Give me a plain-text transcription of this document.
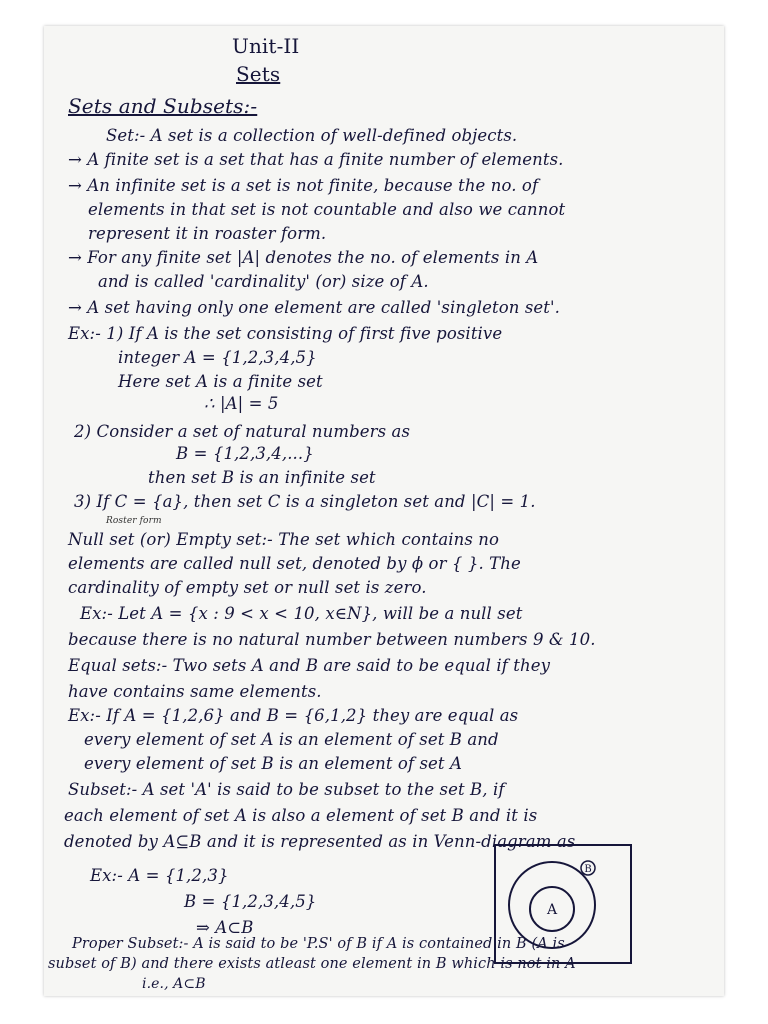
Unit-II
Sets
Sets and Subsets:-
Set:- A set is a collection of well-defined objects.
→ A finite set is a set that has a finite number of elements.
→ An infinite set is a set is not finite, because the no. of
elements in that set is not countable and also we cannot
represent it in roaster form.
→ For any finite set |A| denotes the no. of elements in A
and is called 'cardinality' (or) size of A.
→ A set having only one element are called 'singleton set'.
Ex:- 1) If A is the set consisting of first five positive
integer A = {1,2,3,4,5}
Here set A is a finite set
∴ |A| = 5
2) Consider a set of natural numbers as
B = {1,2,3,4,...}
then set B is an infinite set
3) If C = {a}, then set C is a singleton set and |C| = 1.
Roster form
Null set (or) Empty set:- The set which contains no
elements are called null set, denoted by ϕ or { }. The
cardinality of empty set or null set is zero.
Ex:- Let A = {x : 9 < x < 10, x∈N}, will be a null set
because there is no natural number between numbers 9 & 10.
Equal sets:- Two sets A and B are said to be equal if they
have contains same elements.
Ex:- If A = {1,2,6} and B = {6,1,2} they are equal as
every element of set A is an element of set B and
every element of set B is an element of set A
Subset:- A set 'A' is said to be subset to the set B, if
each element of set A is also a element of set B and it is
denoted by A⊆B and it is represented as in Venn-diagram as
Ex:- A = {1,2,3}
B = {1,2,3,4,5}
⇒ A⊂B
Proper Subset:- A is said to be 'P.S' of B if A is contained in B (A is
subset of B) and there exists atleast one element in B which is not in A
i.e., A⊂B
B
A
